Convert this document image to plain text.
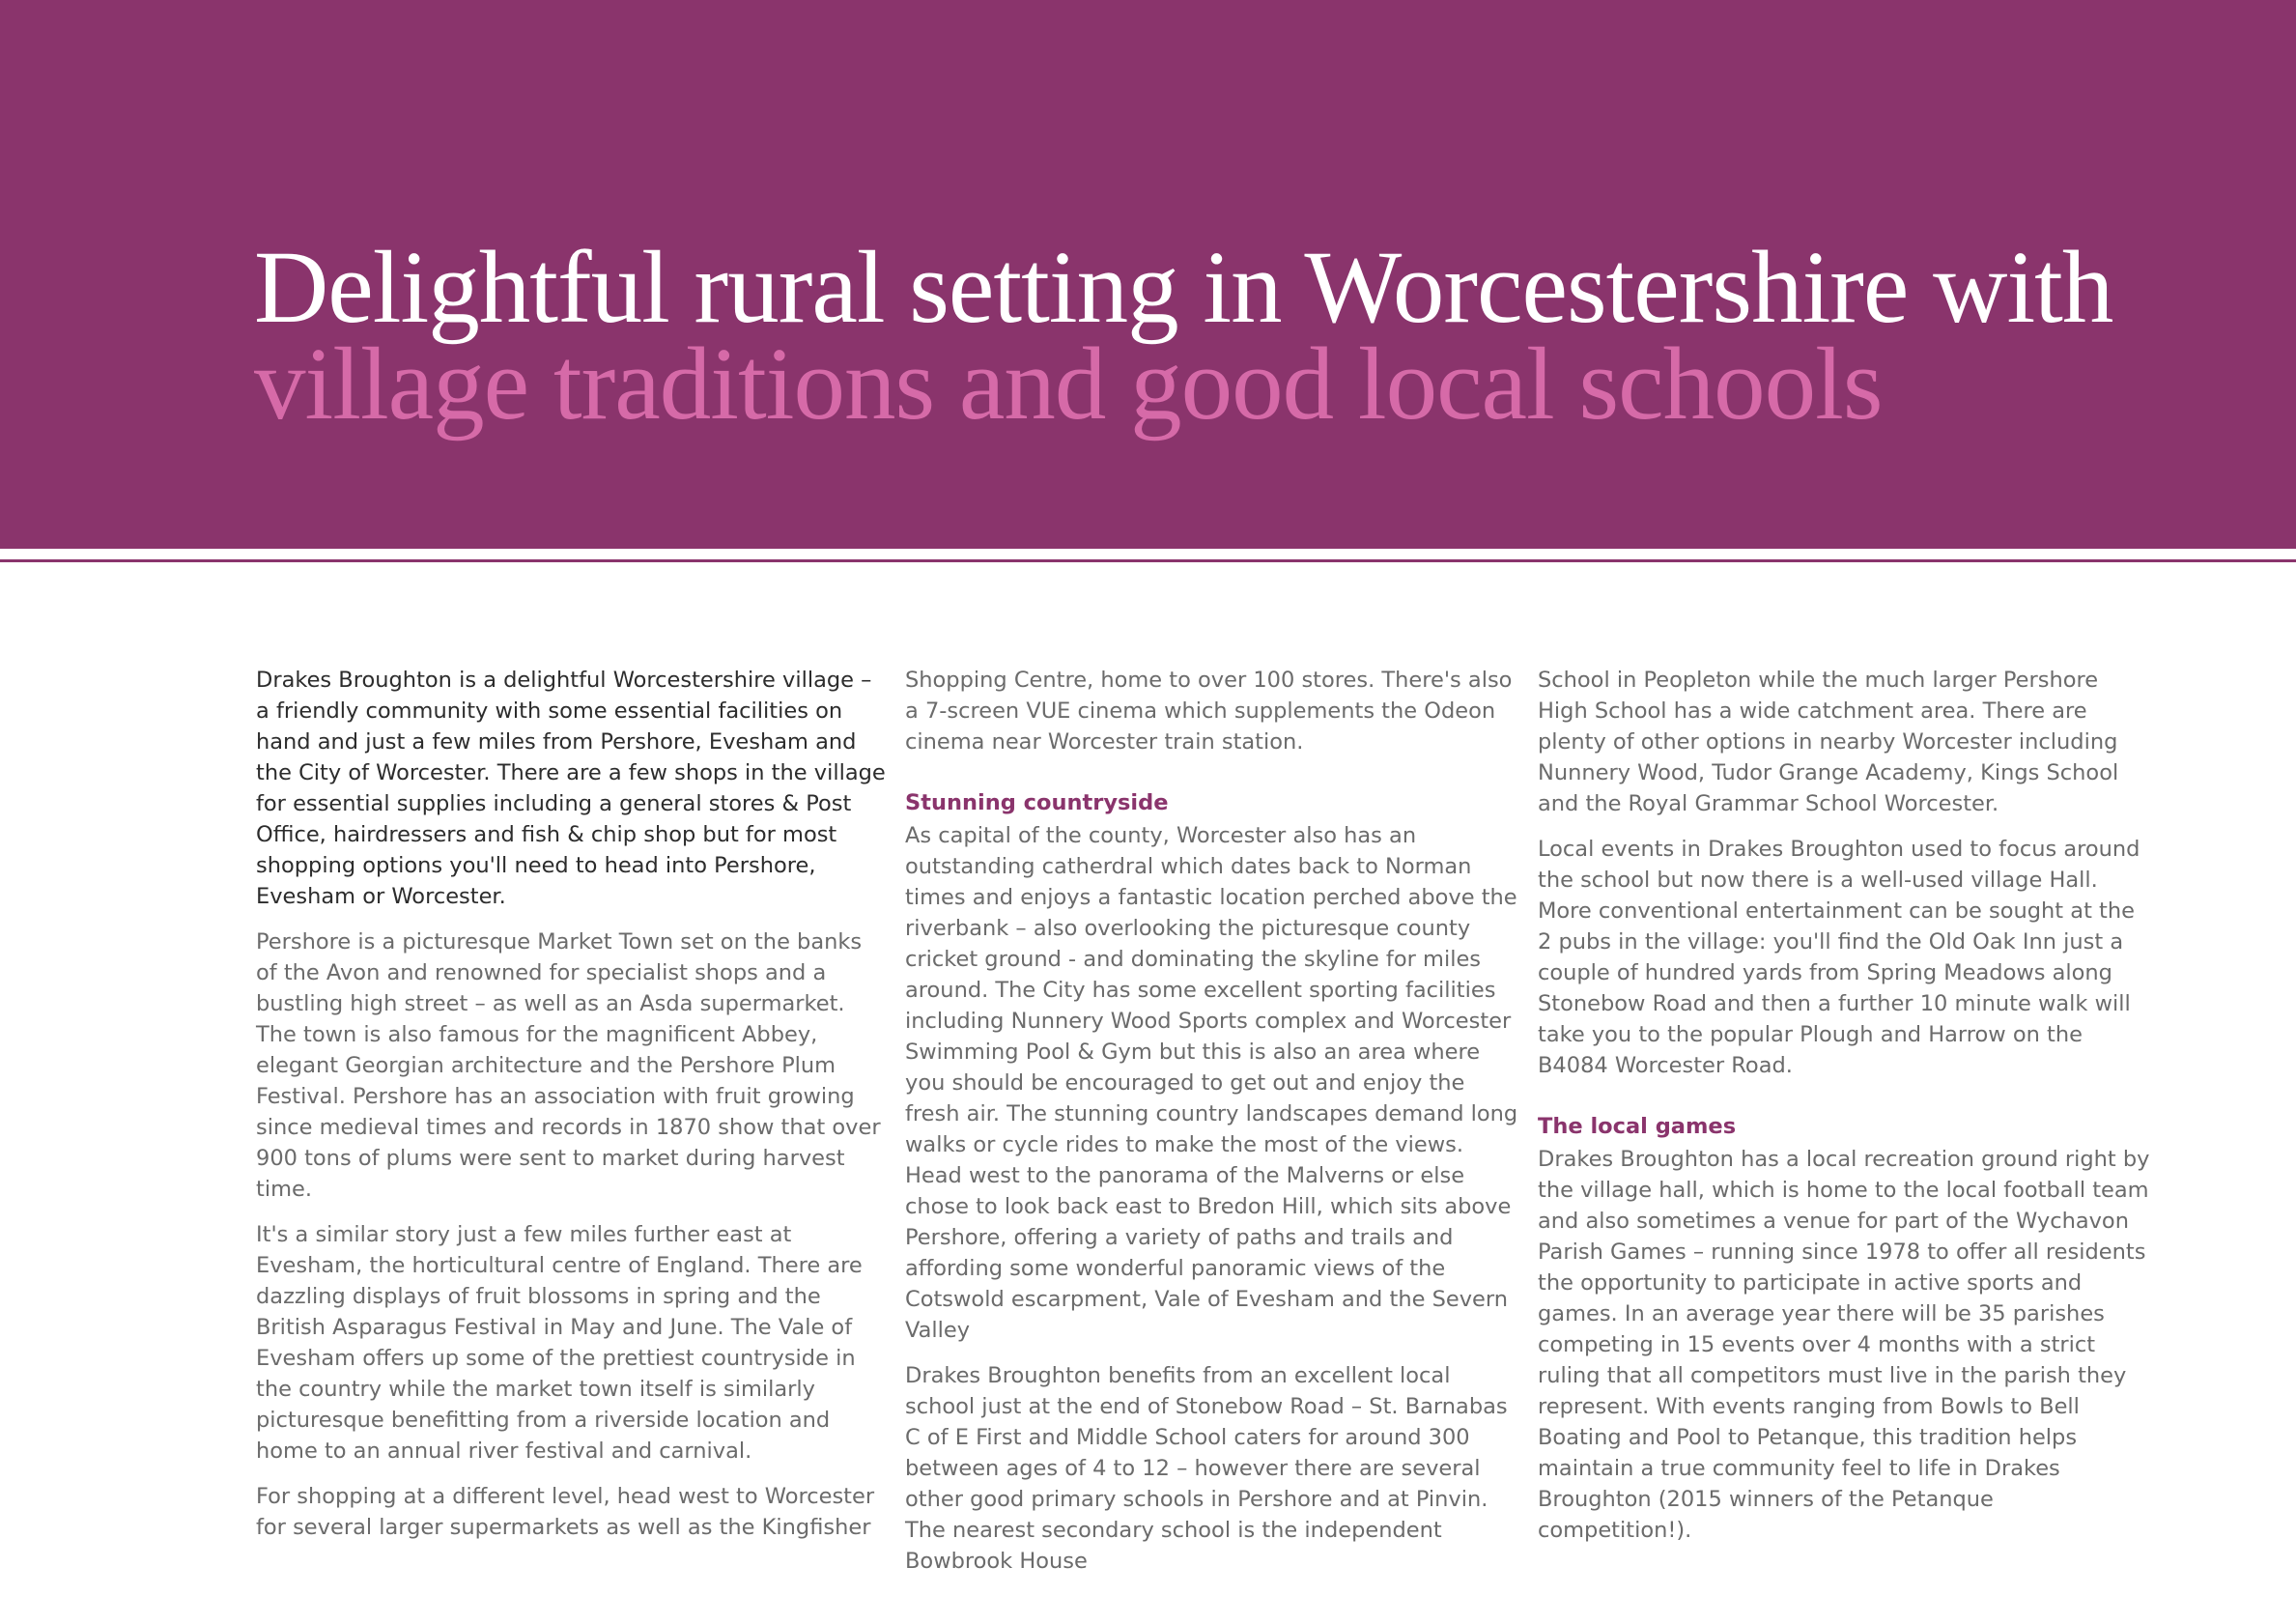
Delightful rural setting in Worcestershire with
village traditions and good local schools

Drakes Broughton is a delightful Worcestershire village – a friendly community with some essential facilities on hand and just a few miles from Pershore, Evesham and the City of Worcester. There are a few shops in the village for essential supplies including a general stores & Post Office, hairdressers and fish & chip shop but for most shopping options you'll need to head into Pershore, Evesham or Worcester.

Pershore is a picturesque Market Town set on the banks of the Avon and renowned for specialist shops and a bustling high street – as well as an Asda supermarket. The town is also famous for the magnificent Abbey, elegant Georgian architecture and the Pershore Plum Festival. Pershore has an association with fruit growing since medieval times and records in 1870 show that over 900 tons of plums were sent to market during harvest time.

It's a similar story just a few miles further east at Evesham, the horticultural centre of England. There are dazzling displays of fruit blossoms in spring and the British Asparagus Festival in May and June. The Vale of Evesham offers up some of the prettiest countryside in the country while the market town itself is similarly picturesque benefitting from a riverside location and home to an annual river festival and carnival.

For shopping at a different level, head west to Worcester for several larger supermarkets as well as the Kingfisher

Shopping Centre, home to over 100 stores. There's also a 7-screen VUE cinema which supplements the Odeon cinema near Worcester train station.

Stunning countryside

As capital of the county, Worcester also has an outstanding catherdral which dates back to Norman times and enjoys a fantastic location perched above the riverbank – also overlooking the picturesque county cricket ground - and dominating the skyline for miles around. The City has some excellent sporting facilities including Nunnery Wood Sports complex and Worcester Swimming Pool & Gym but this is also an area where you should be encouraged to get out and enjoy the fresh air. The stunning country landscapes demand long walks or cycle rides to make the most of the views. Head west to the panorama of the Malverns or else chose to look back east to Bredon Hill, which sits above Pershore, offering a variety of paths and trails and affording some wonderful panoramic views of the Cotswold escarpment, Vale of Evesham and the Severn Valley

Drakes Broughton benefits from an excellent local school just at the end of Stonebow Road – St. Barnabas C of E First and Middle School caters for around 300 between ages of 4 to 12 – however there are several other good primary schools in Pershore and at Pinvin. The nearest secondary school is the independent Bowbrook House

School in Peopleton while the much larger Pershore High School has a wide catchment area. There are plenty of other options in nearby Worcester including Nunnery Wood, Tudor Grange Academy, Kings School and the Royal Grammar School Worcester.

Local events in Drakes Broughton used to focus around the school but now there is a well-used village Hall. More conventional entertainment can be sought at the 2 pubs in the village: you'll find the Old Oak Inn just a couple of hundred yards from Spring Meadows along Stonebow Road and then a further 10 minute walk will take you to the popular Plough and Harrow on the B4084 Worcester Road.

The local games

Drakes Broughton has a local recreation ground right by the village hall, which is home to the local football team and also sometimes a venue for part of the Wychavon Parish Games – running since 1978 to offer all residents the opportunity to participate in active sports and games. In an average year there will be 35 parishes competing in 15 events over 4 months with a strict ruling that all competitors must live in the parish they represent. With events ranging from Bowls to Bell Boating and Pool to Petanque, this tradition helps maintain a true community feel to life in Drakes Broughton (2015 winners of the Petanque competition!).
